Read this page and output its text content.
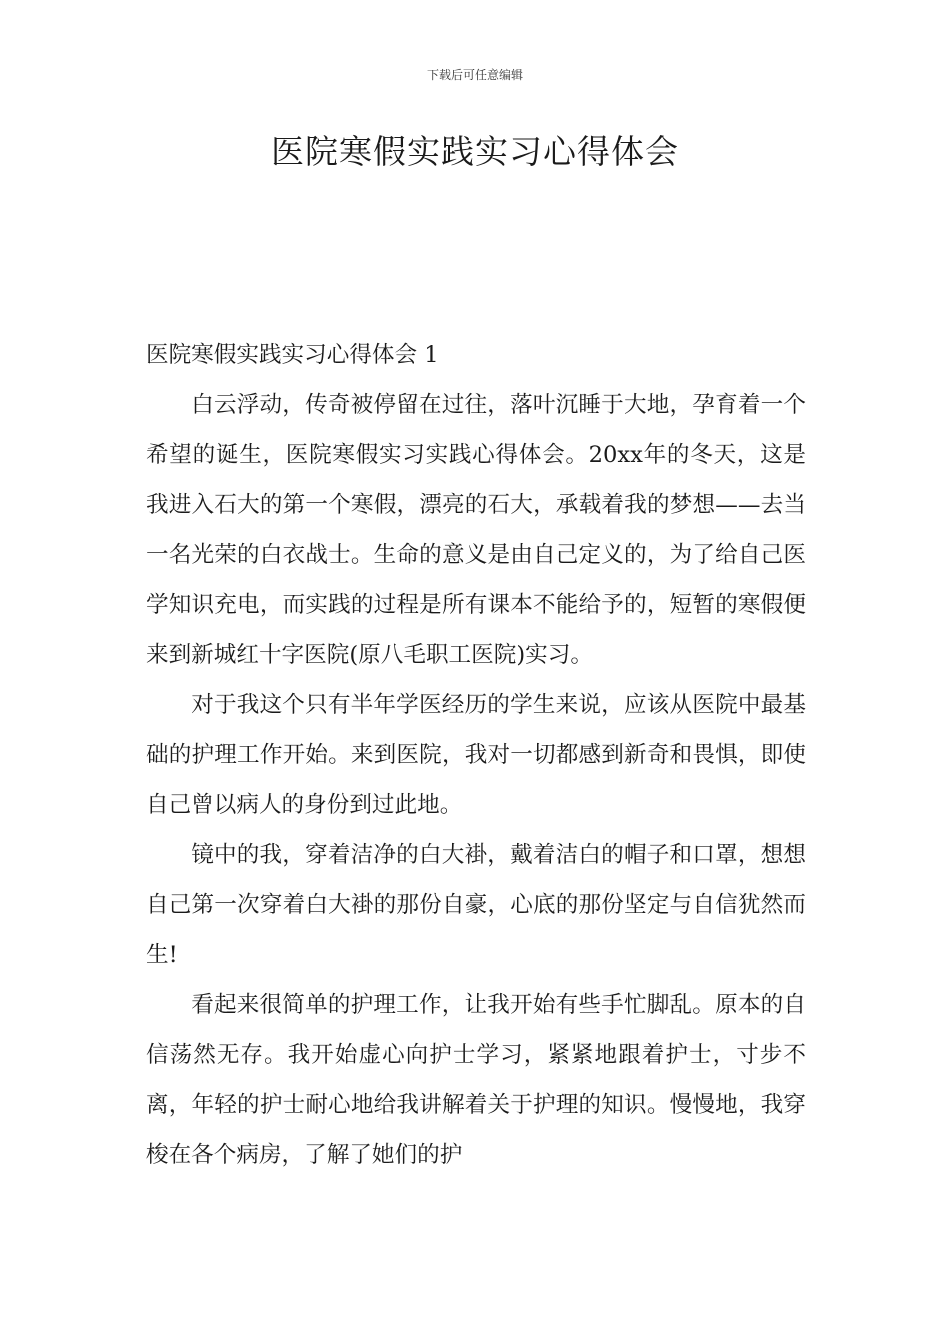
下载后可任意编辑
医院寒假实践实习心得体会

医院寒假实践实习心得体会 1

白云浮动，传奇被停留在过往，落叶沉睡于大地，孕育着一个希望的诞生，医院寒假实习实践心得体会。20xx年的冬天，这是我进入石大的第一个寒假，漂亮的石大，承载着我的梦想——去当一名光荣的白衣战士。生命的意义是由自己定义的，为了给自己医学知识充电，而实践的过程是所有课本不能给予的，短暂的寒假便来到新城红十字医院(原八毛职工医院)实习。

对于我这个只有半年学医经历的学生来说，应该从医院中最基础的护理工作开始。来到医院，我对一切都感到新奇和畏惧，即使自己曾以病人的身份到过此地。

镜中的我，穿着洁净的白大褂，戴着洁白的帽子和口罩，想想自己第一次穿着白大褂的那份自豪，心底的那份坚定与自信犹然而生!

看起来很简单的护理工作，让我开始有些手忙脚乱。原本的自信荡然无存。我开始虚心向护士学习，紧紧地跟着护士，寸步不离，年轻的护士耐心地给我讲解着关于护理的知识。慢慢地，我穿梭在各个病房，了解了她们的护
